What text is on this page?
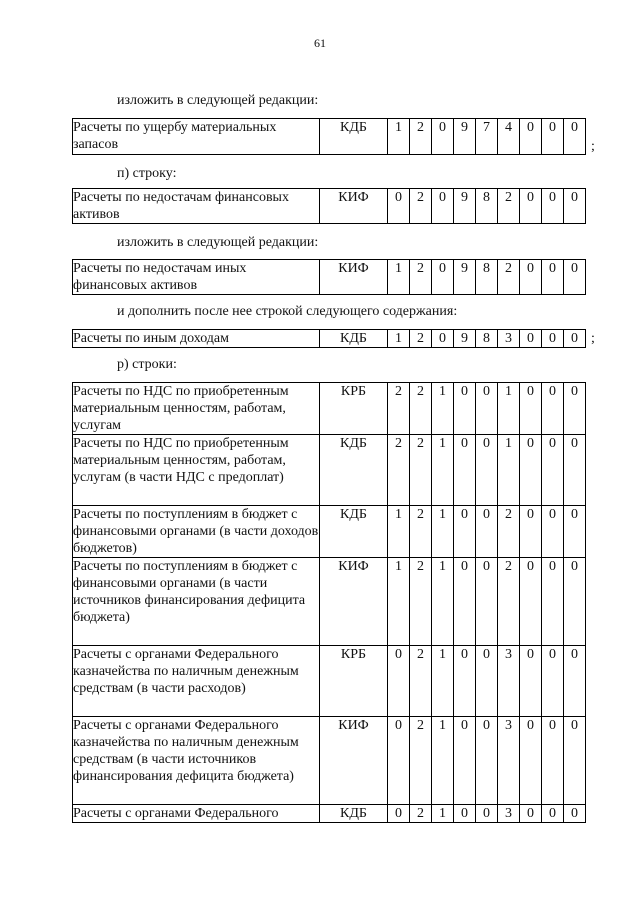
61
изложить в следующей редакции:
Расчеты по ущербу материальных запасов	КДБ	1	2	0	9	7	4	0	0	0
;
п) строку:
Расчеты по недостачам финансовых активов	КИФ	0	2	0	9	8	2	0	0	0
изложить в следующей редакции:
Расчеты по недостачам иных финансовых активов	КИФ	1	2	0	9	8	2	0	0	0
и дополнить после нее строкой следующего содержания:
Расчеты по иным доходам	КДБ	1	2	0	9	8	3	0	0	0 ;
р) строки:
Расчеты по НДС по приобретенным материальным ценностям, работам, услугам	КРБ	2	2	1	0	0	1	0	0	0
Расчеты по НДС по приобретенным материальным ценностям, работам, услугам (в части НДС с предоплат)	КДБ	2	2	1	0	0	1	0	0	0
Расчеты по поступлениям в бюджет с финансовыми органами (в части доходов бюджетов)	КДБ	1	2	1	0	0	2	0	0	0
Расчеты по поступлениям в бюджет с финансовыми органами (в части источников финансирования дефицита бюджета)	КИФ	1	2	1	0	0	2	0	0	0
Расчеты с органами Федерального казначейства по наличным денежным средствам (в части расходов)	КРБ	0	2	1	0	0	3	0	0	0
Расчеты с органами Федерального казначейства по наличным денежным средствам (в части источников финансирования дефицита бюджета)	КИФ	0	2	1	0	0	3	0	0	0
Расчеты с органами Федерального	КДБ	0	2	1	0	0	3	0	0	0
